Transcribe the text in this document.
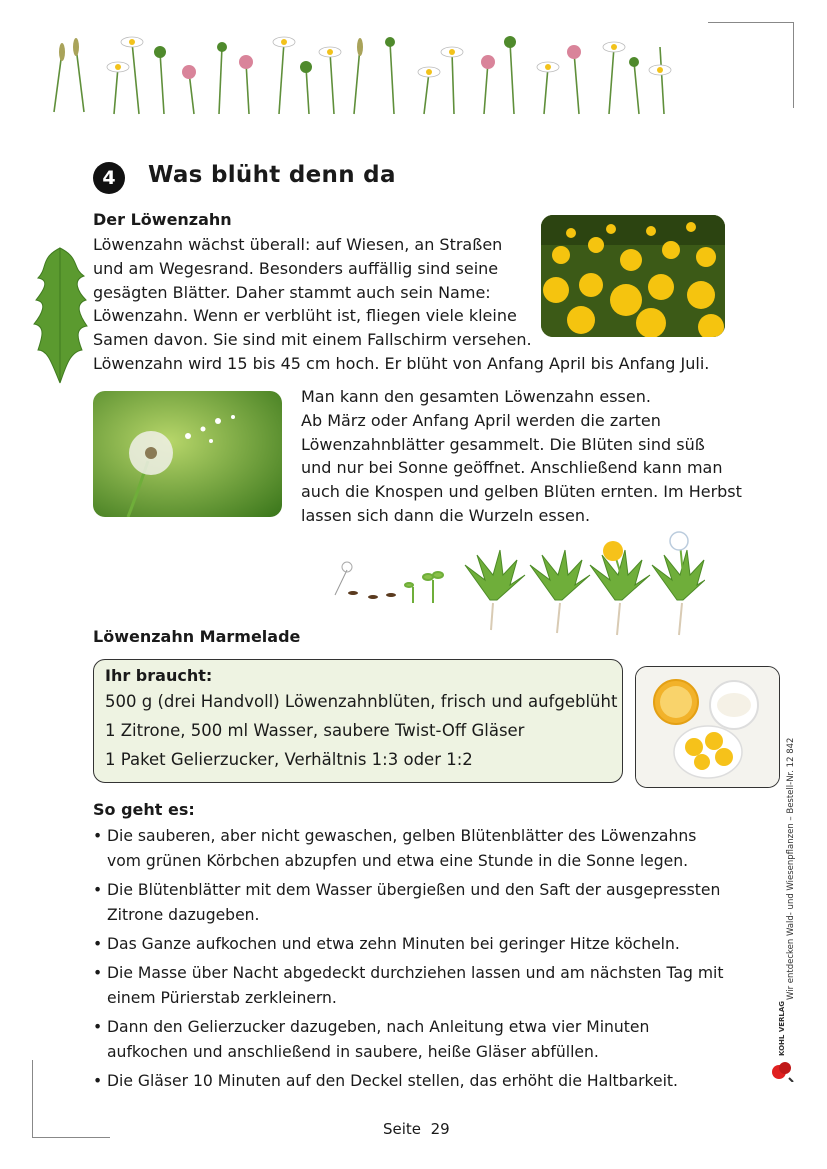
4	Was blüht denn da
Der Löwenzahn
Löwenzahn wächst überall: auf Wiesen, an Straßen
und am Wegesrand. Besonders auffällig sind seine
gesägten Blätter. Daher stammt auch sein Name:
Löwenzahn. Wenn er verblüht ist, fliegen viele kleine
Samen davon. Sie sind mit einem Fallschirm versehen.
Löwenzahn wird 15 bis 45 cm hoch. Er blüht von Anfang April bis Anfang Juli.
Man kann den gesamten Löwenzahn essen.
Ab März oder Anfang April werden die zarten
Löwenzahnblätter gesammelt. Die Blüten sind süß
und nur bei Sonne geöffnet. Anschließend kann man
auch die Knospen und gelben Blüten ernten. Im Herbst
lassen sich dann die Wurzeln essen.
Löwenzahn Marmelade
Ihr braucht:
500 g (drei Handvoll) Löwenzahnblüten, frisch und aufgeblüht
1 Zitrone, 500 ml Wasser, saubere Twist-Off Gläser
1 Paket Gelierzucker, Verhältnis 1:3 oder 1:2
So geht es:
• Die sauberen, aber nicht gewaschen, gelben Blütenblätter des Löwenzahns
vom grünen Körbchen abzupfen und etwa eine Stunde in die Sonne legen.
• Die Blütenblätter mit dem Wasser übergießen und den Saft der ausgepressten
Zitrone dazugeben.
• Das Ganze aufkochen und etwa zehn Minuten bei geringer Hitze köcheln.
• Die Masse über Nacht abgedeckt durchziehen lassen und am nächsten Tag mit
einem Pürierstab zerkleinern.
• Dann den Gelierzucker dazugeben, nach Anleitung etwa vier Minuten
aufkochen und anschließend in saubere, heiße Gläser abfüllen.
• Die Gläser 10 Minuten auf den Deckel stellen, das erhöht die Haltbarkeit.
Wir entdecken Wald- und Wiesenpflanzen – Bestell-Nr. 12 842
KOHL VERLAG
Seite  29
